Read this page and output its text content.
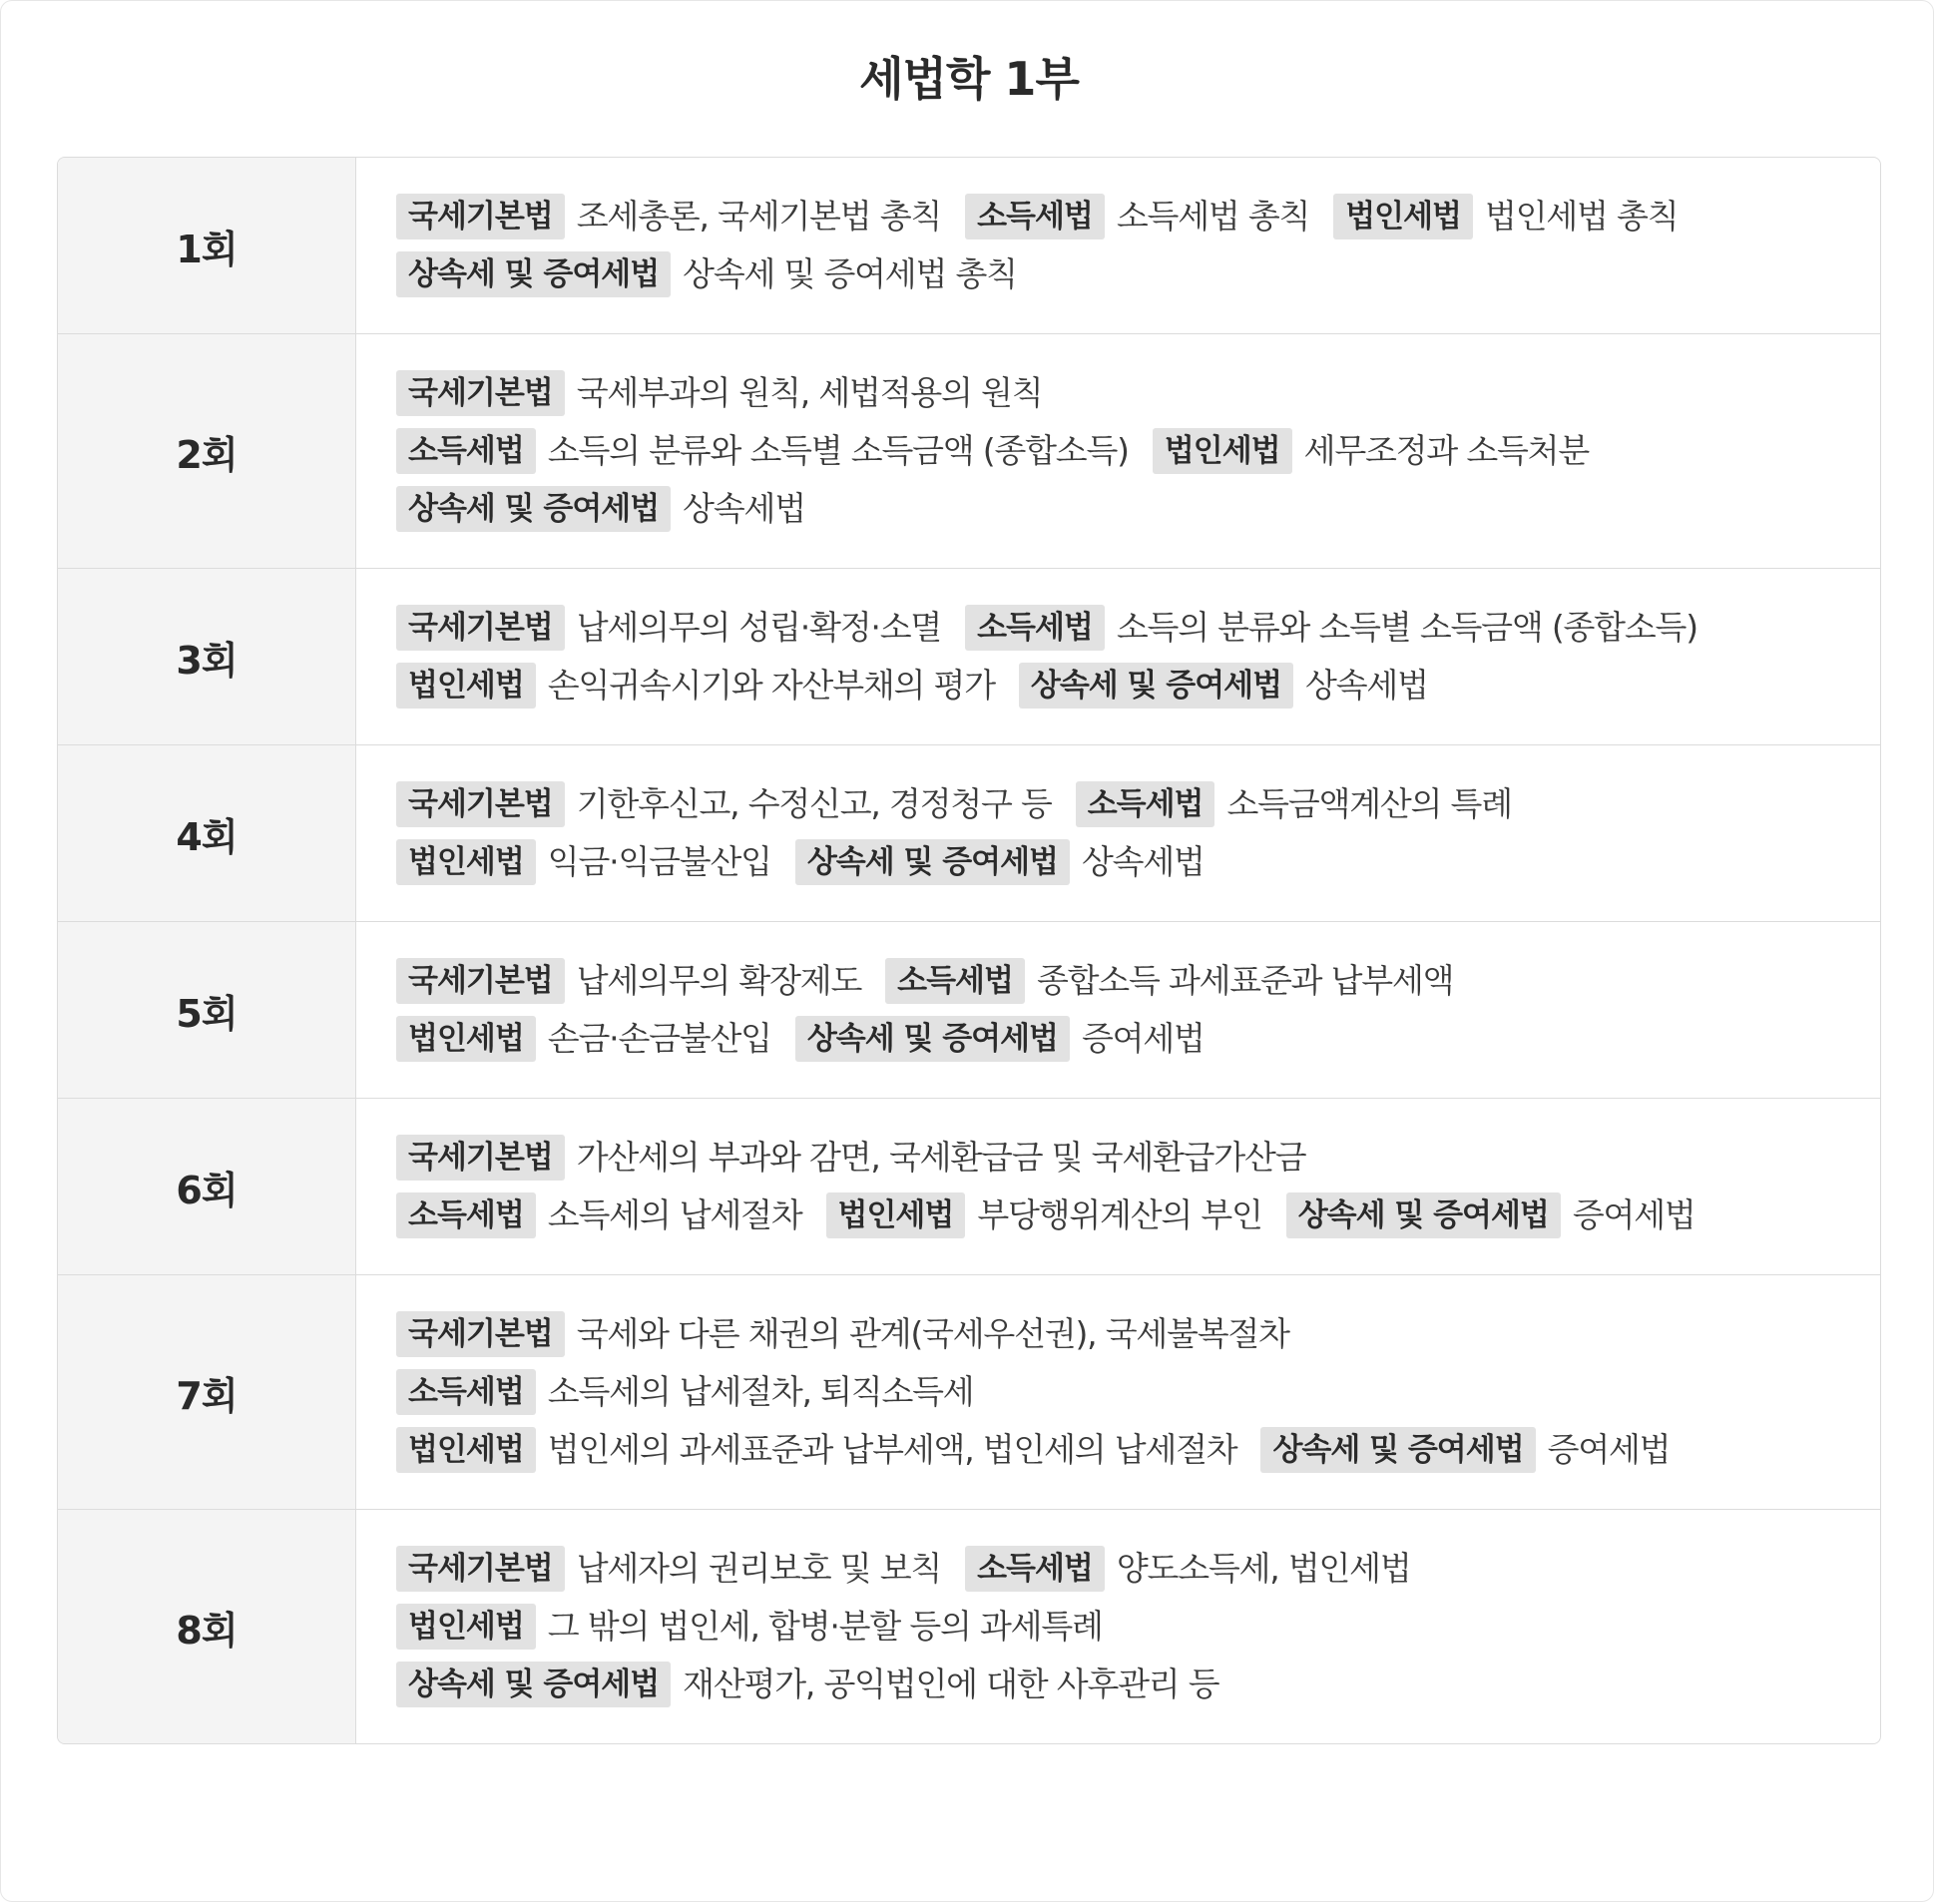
세법학 1부
1회
국세기본법 조세총론, 국세기본법 총칙	소득세법 소득세법 총칙	법인세법 법인세법 총칙
상속세 및 증여세법 상속세 및 증여세법 총칙
2회
국세기본법 국세부과의 원칙, 세법적용의 원칙
소득세법 소득의 분류와 소득별 소득금액 (종합소득)	법인세법 세무조정과 소득처분
상속세 및 증여세법 상속세법
3회
국세기본법 납세의무의 성립·확정·소멸	소득세법 소득의 분류와 소득별 소득금액 (종합소득)
법인세법 손익귀속시기와 자산부채의 평가	상속세 및 증여세법 상속세법
4회
국세기본법 기한후신고, 수정신고, 경정청구 등	소득세법 소득금액계산의 특례
법인세법 익금·익금불산입	상속세 및 증여세법 상속세법
5회
국세기본법 납세의무의 확장제도	소득세법 종합소득 과세표준과 납부세액
법인세법 손금·손금불산입	상속세 및 증여세법 증여세법
6회
국세기본법 가산세의 부과와 감면, 국세환급금 및 국세환급가산금
소득세법 소득세의 납세절차	법인세법 부당행위계산의 부인	상속세 및 증여세법 증여세법
7회
국세기본법 국세와 다른 채권의 관계(국세우선권), 국세불복절차
소득세법 소득세의 납세절차, 퇴직소득세
법인세법 법인세의 과세표준과 납부세액, 법인세의 납세절차	상속세 및 증여세법 증여세법
8회
국세기본법 납세자의 권리보호 및 보칙	소득세법 양도소득세, 법인세법
법인세법 그 밖의 법인세, 합병·분할 등의 과세특례
상속세 및 증여세법 재산평가, 공익법인에 대한 사후관리 등
